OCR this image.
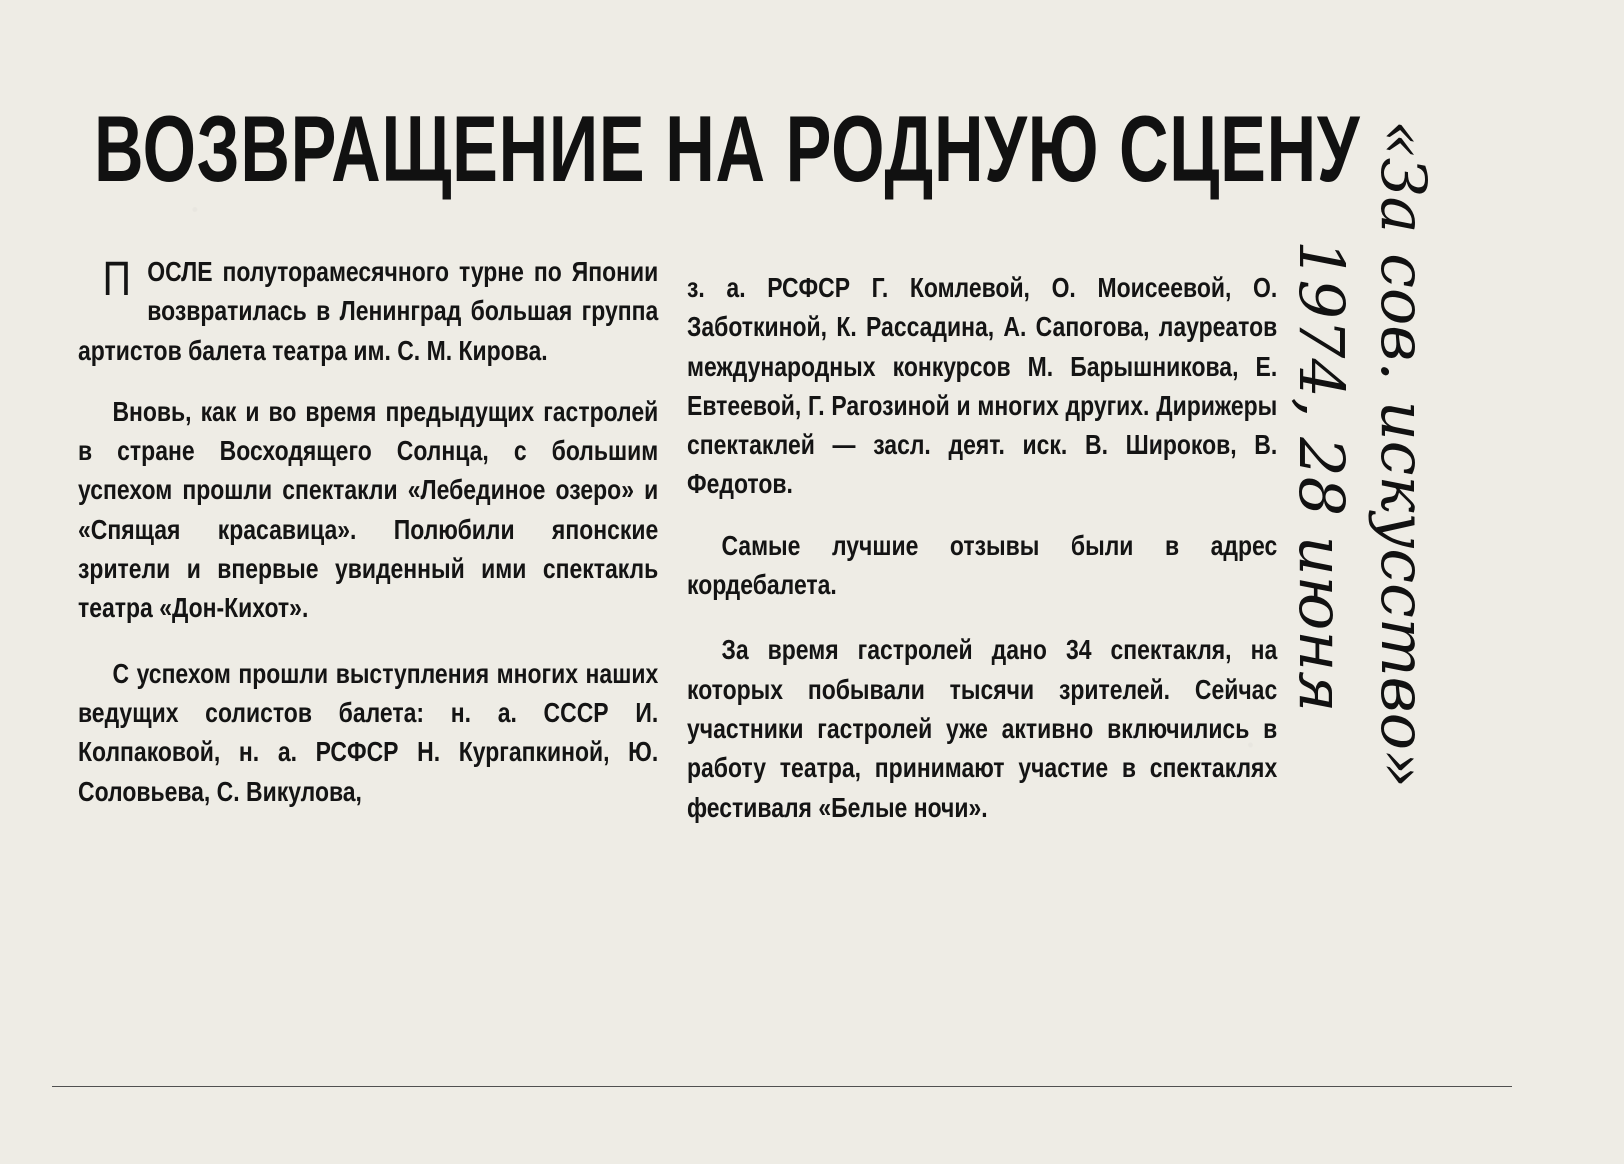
ВОЗВРАЩЕНИЕ НА РОДНУЮ СЦЕНУ

ПОСЛЕ полуторамесячного турне по Японии возвратилась в Ленинград большая группа артистов балета театра им. С. М. Кирова.

Вновь, как и во время предыдущих гастролей в стране Восходящего Солнца, с большим успехом прошли спектакли «Лебединое озеро» и «Спящая красавица». Полюбили японские зрители и впервые увиденный ими спектакль театра «Дон-Кихот».

С успехом прошли выступления многих наших ведущих солистов балета: н. а. СССР И. Колпаковой, н. а. РСФСР Н. Кургапкиной, Ю. Соловьева, С. Викулова,

з. а. РСФСР Г. Комлевой, О. Моисеевой, О. Заботкиной, К. Рассадина, А. Сапогова, лауреатов международных конкурсов М. Барышникова, Е. Евтеевой, Г. Рагозиной и многих других. Дирижеры спектаклей — засл. деят. иск. В. Широков, В. Федотов.

Самые лучшие отзывы были в адрес кордебалета.

За время гастролей дано 34 спектакля, на которых побывали тысячи зрителей. Сейчас участники гастролей уже активно включились в работу театра, принимают участие в спектаклях фестиваля «Белые ночи».

«За сов. искусство»
1974, 28 июня
